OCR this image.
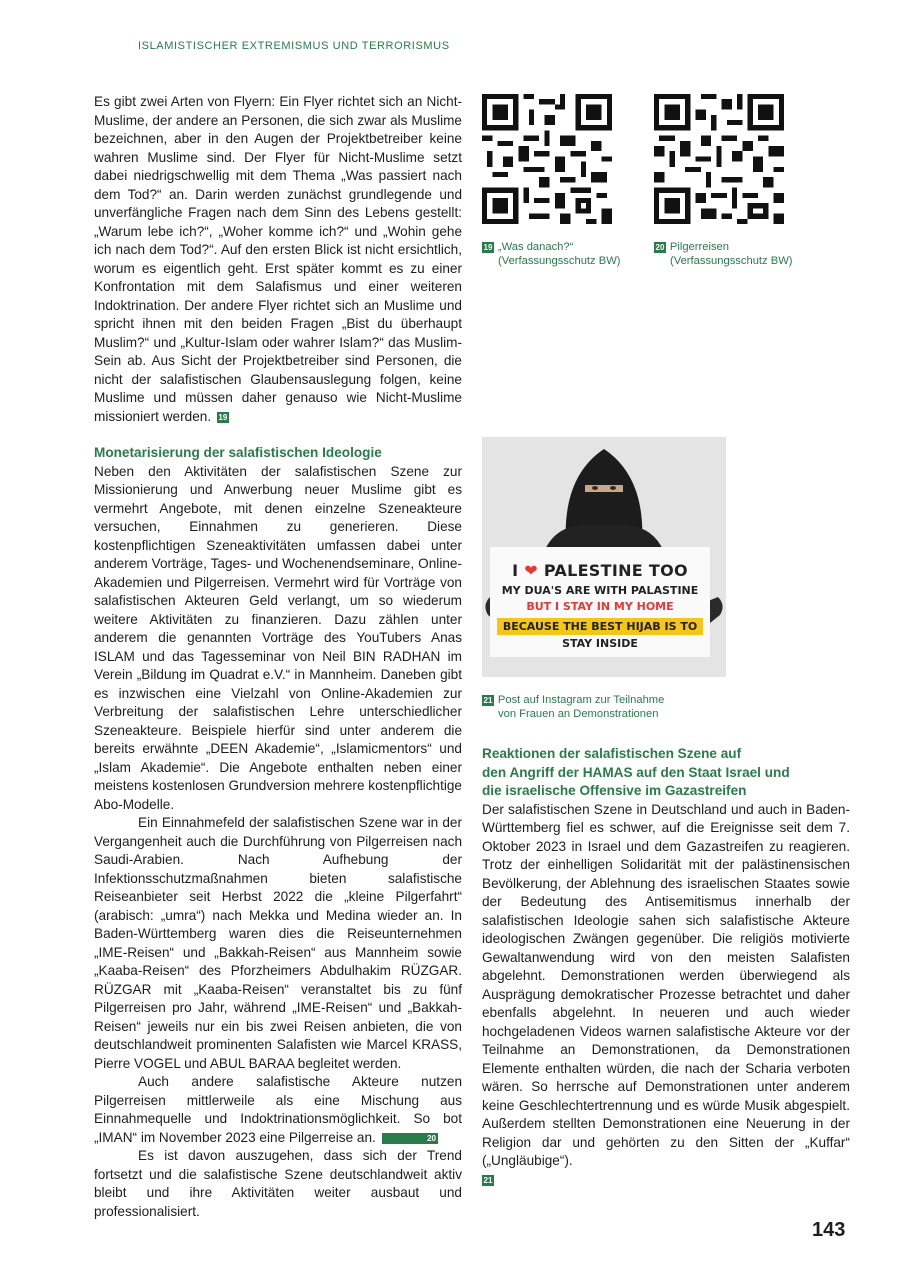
ISLAMISTISCHER EXTREMISMUS UND TERRORISMUS

Es gibt zwei Arten von Flyern: Ein Flyer richtet sich an Nicht-Muslime, der andere an Personen, die sich zwar als Muslime bezeichnen, aber in den Augen der Projektbetreiber keine wahren Muslime sind. Der Flyer für Nicht-Muslime setzt dabei niedrigschwellig mit dem Thema „Was passiert nach dem Tod?“ an. Darin werden zunächst grundlegende und unverfängliche Fragen nach dem Sinn des Lebens gestellt: „Warum lebe ich?“, „Woher komme ich?“ und „Wohin gehe ich nach dem Tod?“. Auf den ersten Blick ist nicht ersichtlich, worum es eigentlich geht. Erst später kommt es zu einer Konfrontation mit dem Salafismus und einer weiteren Indoktrination. Der andere Flyer richtet sich an Muslime und spricht ihnen mit den beiden Fragen „Bist du überhaupt Muslim?“ und „Kultur-Islam oder wahrer Islam?“ das Muslim-Sein ab. Aus Sicht der Projektbetreiber sind Personen, die nicht der salafistischen Glaubensauslegung folgen, keine Muslime und müssen daher genauso wie Nicht-Muslime missioniert werden. 19

Monetarisierung der salafistischen Ideologie

Neben den Aktivitäten der salafistischen Szene zur Missionierung und Anwerbung neuer Muslime gibt es vermehrt Angebote, mit denen einzelne Szeneakteure versuchen, Einnahmen zu generieren. Diese kostenpflichtigen Szeneaktivitäten umfassen dabei unter anderem Vorträge, Tages- und Wochenendseminare, Online-Akademien und Pilgerreisen. Vermehrt wird für Vorträge von salafistischen Akteuren Geld verlangt, um so wiederum weitere Aktivitäten zu finanzieren. Dazu zählen unter anderem die genannten Vorträge des YouTubers Anas ISLAM und das Tagesseminar von Neil BIN RADHAN im Verein „Bildung im Quadrat e.V.“ in Mannheim. Daneben gibt es inzwischen eine Vielzahl von Online-Akademien zur Verbreitung der salafistischen Lehre unterschiedlicher Szeneakteure. Beispiele hierfür sind unter anderem die bereits erwähnte „DEEN Akademie“, „Islamicmentors“ und „Islam Akademie“. Die Angebote enthalten neben einer meistens kostenlosen Grundversion mehrere kostenpflichtige Abo-Modelle.

Ein Einnahmefeld der salafistischen Szene war in der Vergangenheit auch die Durchführung von Pilgerreisen nach Saudi-Arabien. Nach Aufhebung der Infektionsschutzmaßnahmen bieten salafistische Reiseanbieter seit Herbst 2022 die „kleine Pilgerfahrt“ (arabisch: „umra“) nach Mekka und Medina wieder an. In Baden-Württemberg waren dies die Reiseunternehmen „IME-Reisen“ und „Bakkah-Reisen“ aus Mannheim sowie „Kaaba-Reisen“ des Pforzheimers Abdulhakim RÜZGAR. RÜZGAR mit „Kaaba-Reisen“ veranstaltet bis zu fünf Pilgerreisen pro Jahr, während „IME-Reisen“ und „Bakkah-Reisen“ jeweils nur ein bis zwei Reisen anbieten, die von deutschlandweit prominenten Salafisten wie Marcel KRASS, Pierre VOGEL und ABUL BARAA begleitet werden.

Auch andere salafistische Akteure nutzen Pilgerreisen mittlerweile als eine Mischung aus Einnahmequelle und Indoktrinationsmöglichkeit. So bot „IMAN“ im November 2023 eine Pilgerreise an.	20

Es ist davon auszugehen, dass sich der Trend fortsetzt und die salafistische Szene deutschlandweit aktiv bleibt und ihre Aktivitäten weiter ausbaut und professionalisiert.

19 „Was danach?“
(Verfassungsschutz BW)
20 Pilgerreisen
(Verfassungsschutz BW)
I ❤ PALESTINE TOO
MY DUA'S ARE WITH PALASTINE
BUT I STAY IN MY HOME
BECAUSE THE BEST HIJAB IS TO
STAY INSIDE
21 Post auf Instagram zur Teilnahme
von Frauen an Demonstrationen
Reaktionen der salafistischen Szene auf
den Angriff der HAMAS auf den Staat Israel und
die israelische Offensive im Gazastreifen

Der salafistischen Szene in Deutschland und auch in Baden-Württemberg fiel es schwer, auf die Ereignisse seit dem 7. Oktober 2023 in Israel und dem Gazastreifen zu reagieren. Trotz der einhelligen Solidarität mit der palästinensischen Bevölkerung, der Ablehnung des israelischen Staates sowie der Bedeutung des Antisemitismus innerhalb der salafistischen Ideologie sahen sich salafistische Akteure ideologischen Zwängen gegenüber. Die religiös motivierte Gewaltanwendung wird von den meisten Salafisten abgelehnt. Demonstrationen werden überwiegend als Ausprägung demokratischer Prozesse betrachtet und daher ebenfalls abgelehnt. In neueren und auch wieder hochgeladenen Videos warnen salafistische Akteure vor der Teilnahme an Demonstrationen, da Demonstrationen Elemente enthalten würden, die nach der Scharia verboten wären. So herrsche auf Demonstrationen unter anderem keine Geschlechtertrennung und es würde Musik abgespielt. Außerdem stellten Demonstrationen eine Neuerung in der Religion dar und gehörten zu den Sitten der „Kuffar“ („Ungläubige“).

21

143
